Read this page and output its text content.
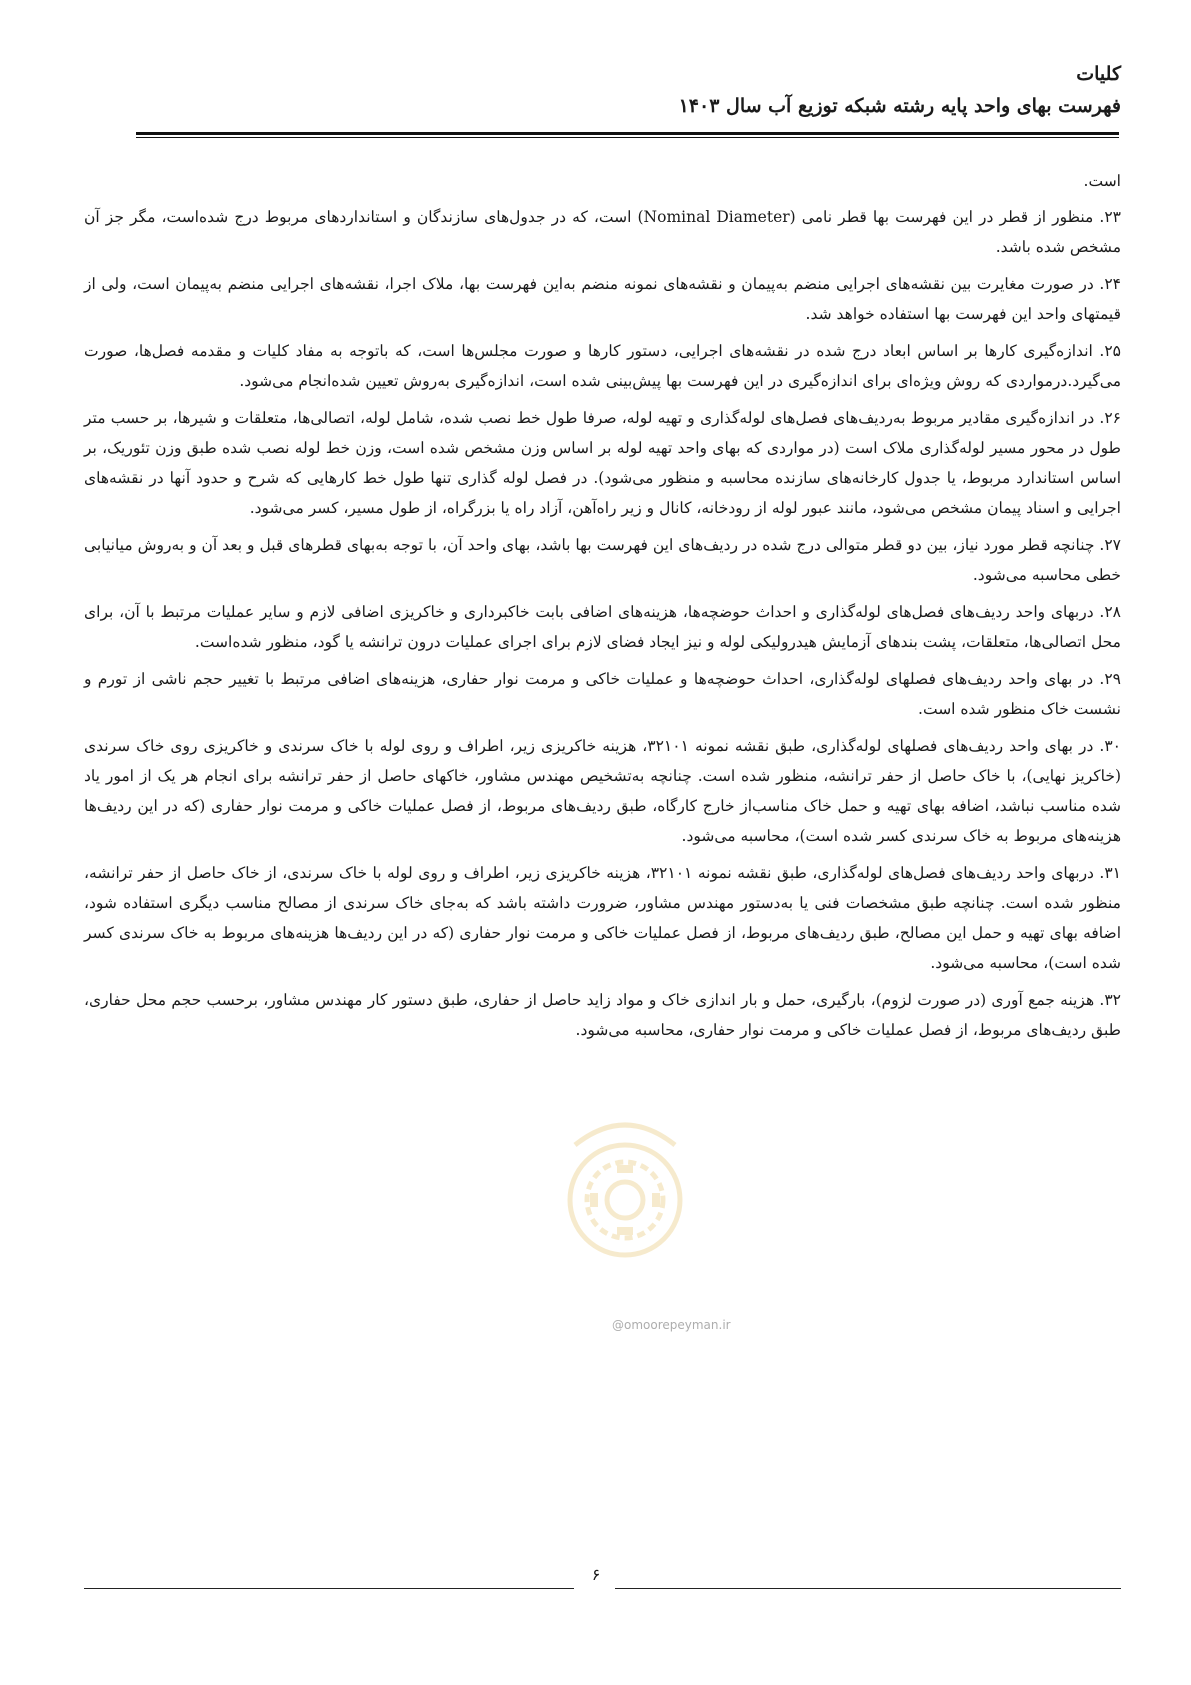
کلیات
فهرست بهای واحد پایه رشته شبکه توزیع آب سال ۱۴۰۳

است.

۲۳. منظور از قطر در این فهرست بها قطر نامی (Nominal Diameter) است، که در جدول‌های سازندگان و استانداردهای مربوط درج شده‌است، مگر جز آن مشخص شده باشد.

۲۴. در صورت مغایرت بین نقشه‌های اجرایی منضم به‌پیمان و نقشه‌های نمونه منضم به‌این فهرست بها، ملاک اجرا، نقشه‌های اجرایی منضم به‌پیمان است، ولی از قیمتهای واحد این فهرست بها استفاده خواهد شد.

۲۵. اندازه‌گیری کارها بر اساس ابعاد درج شده در نقشه‌های اجرایی، دستور کارها و صورت مجلس‌ها است، که باتوجه به مفاد کلیات و مقدمه فصل‌ها، صورت می‌گیرد.درمواردی که روش ویژه‌ای برای اندازه‌گیری در این فهرست بها پیش‌بینی شده است، اندازه‌گیری به‌روش تعیین شده‌انجام می‌شود.

۲۶. در اندازه‌گیری مقادیر مربوط به‌ردیف‌های فصل‌های لوله‌گذاری و تهیه لوله، صرفا طول خط نصب شده، شامل لوله، اتصالی‌ها، متعلقات و شیرها، بر حسب متر طول در محور مسیر لوله‌گذاری ملاک است (در مواردی که بهای واحد تهیه لوله بر اساس وزن مشخص شده است، وزن خط لوله نصب شده طبق وزن تئوریک، بر اساس استاندارد مربوط، یا جدول کارخانه‌های سازنده محاسبه و منظور می‌شود). در فصل لوله گذاری تنها طول خط کارهایی که شرح و حدود آنها در نقشه‌های اجرایی و اسناد پیمان مشخص می‌شود، مانند عبور لوله از رودخانه، کانال و زیر راه‌آهن، آزاد راه یا بزرگراه، از طول مسیر، کسر می‌شود.

۲۷. چنانچه قطر مورد نیاز، بین دو قطر متوالی درج شده در ردیف‌های این فهرست بها باشد، بهای واحد آن، با توجه به‌بهای قطرهای قبل و بعد آن و به‌روش میانیابی خطی محاسبه می‌شود.

۲۸. دربهای واحد ردیف‌های فصل‌های لوله‌گذاری و احداث حوضچه‌ها، هزینه‌های اضافی بابت خاکبرداری و خاکریزی اضافی لازم و سایر عملیات مرتبط با آن، برای محل اتصالی‌ها، متعلقات، پشت بندهای آزمایش هیدرولیکی لوله و نیز ایجاد فضای لازم برای اجرای عملیات درون ترانشه یا گود، منظور شده‌است.

۲۹. در بهای واحد ردیف‌های فصلهای لوله‌گذاری، احداث حوضچه‌ها و عملیات خاکی و مرمت نوار حفاری، هزینه‌های اضافی مرتبط با تغییر حجم ناشی از تورم و نشست خاک منظور شده است.

۳۰. در بهای واحد ردیف‌های فصلهای لوله‌گذاری، طبق نقشه نمونه ۳۲۱۰۱، هزینه خاکریزی زیر، اطراف و روی لوله با خاک سرندی و خاکریزی روی خاک سرندی (خاکریز نهایی)، با خاک حاصل از حفر ترانشه، منظور شده است. چنانچه به‌تشخیص مهندس مشاور، خاکهای حاصل از حفر ترانشه برای انجام هر یک از امور یاد شده مناسب نباشد، اضافه بهای تهیه و حمل خاک مناسب‌از خارج کارگاه، طبق ردیف‌های مربوط، از فصل عملیات خاکی و مرمت نوار حفاری (که در این ردیف‌ها هزینه‌های مربوط به خاک سرندی کسر شده است)، محاسبه می‌شود.

۳۱. دربهای واحد ردیف‌های فصل‌های لوله‌گذاری، طبق نقشه نمونه ۳۲۱۰۱، هزینه خاکریزی زیر، اطراف و روی لوله با خاک سرندی، از خاک حاصل از حفر ترانشه، منظور شده است. چنانچه طبق مشخصات فنی یا به‌دستور مهندس مشاور، ضرورت داشته باشد که به‌جای خاک سرندی از مصالح مناسب دیگری استفاده شود، اضافه بهای تهیه و حمل این مصالح، طبق ردیف‌های مربوط، از فصل عملیات خاکی و مرمت نوار حفاری (که در این ردیف‌ها هزینه‌های مربوط به خاک سرندی کسر شده است)، محاسبه می‌شود.

۳۲. هزینه جمع آوری (در صورت لزوم)، بارگیری، حمل و بار اندازی خاک و مواد زاید حاصل از حفاری، طبق دستور کار مهندس مشاور، برحسب حجم محل حفاری، طبق ردیف‌های مربوط، از فصل عملیات خاکی و مرمت نوار حفاری، محاسبه می‌شود.

@omoorepeyman.ir
۶
